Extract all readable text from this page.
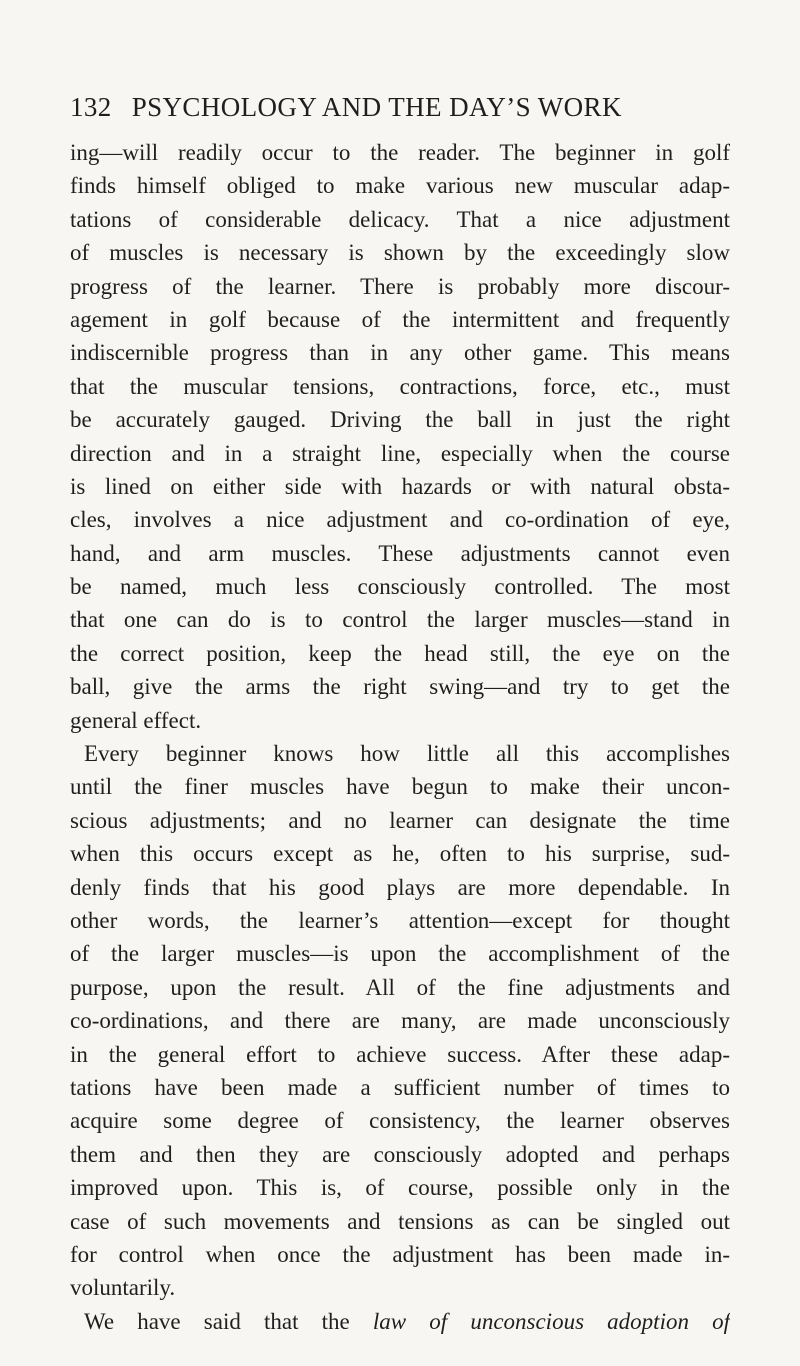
132 PSYCHOLOGY AND THE DAY’S WORK
ing—will readily occur to the reader. The beginner in golf
finds himself obliged to make various new muscular adap-
tations of considerable delicacy. That a nice adjustment
of muscles is necessary is shown by the exceedingly slow
progress of the learner. There is probably more discour-
agement in golf because of the intermittent and frequently
indiscernible progress than in any other game. This means
that the muscular tensions, contractions, force, etc., must
be accurately gauged. Driving the ball in just the right
direction and in a straight line, especially when the course
is lined on either side with hazards or with natural obsta-
cles, involves a nice adjustment and co-ordination of eye,
hand, and arm muscles. These adjustments cannot even
be named, much less consciously controlled. The most
that one can do is to control the larger muscles—stand in
the correct position, keep the head still, the eye on the
ball, give the arms the right swing—and try to get the
general effect.
Every beginner knows how little all this accomplishes
until the finer muscles have begun to make their uncon-
scious adjustments; and no learner can designate the time
when this occurs except as he, often to his surprise, sud-
denly finds that his good plays are more dependable. In
other words, the learner’s attention—except for thought
of the larger muscles—is upon the accomplishment of the
purpose, upon the result. All of the fine adjustments and
co-ordinations, and there are many, are made unconsciously
in the general effort to achieve success. After these adap-
tations have been made a sufficient number of times to
acquire some degree of consistency, the learner observes
them and then they are consciously adopted and perhaps
improved upon. This is, of course, possible only in the
case of such movements and tensions as can be singled out
for control when once the adjustment has been made in-
voluntarily.
We have said that the law of unconscious adoption of
